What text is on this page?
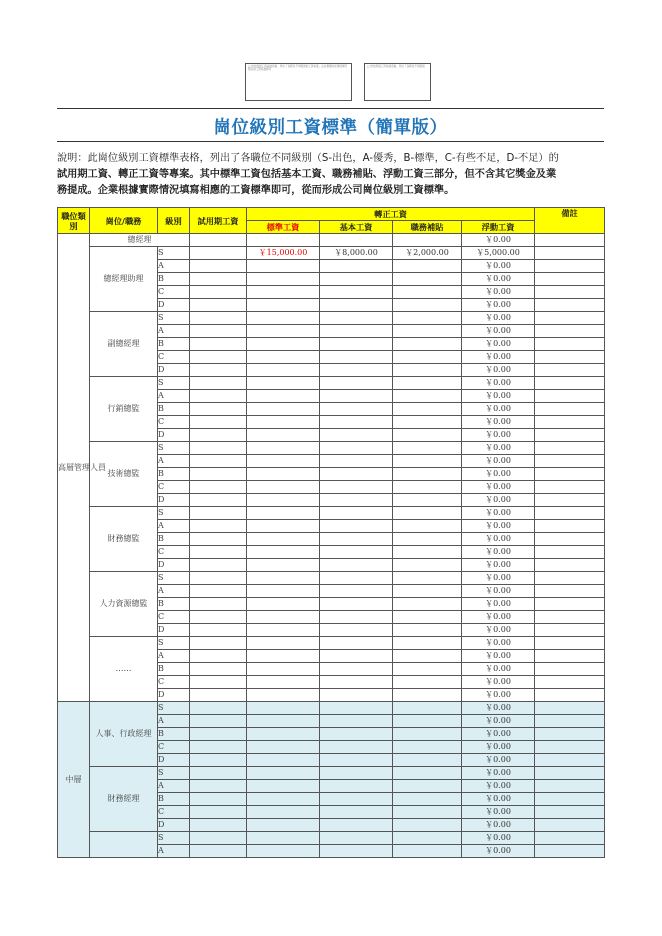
□ 岗位级别工资标准表格，列出了各职位不同级别的工资标准，企业根据实际情况填写相应的工资标准即可
□ 岗位级别工资标准表格，列出了各职位不同级别
崗位級別工資標準（簡單版）
說明：此崗位級別工資標準表格，列出了各職位不同級別（S-出色，A-優秀，B-標準，C-有些不足，D-不足）的
試用期工資、轉正工資等專案。其中標準工資包括基本工資、職務補貼、浮動工資三部分，但不含其它獎金及業
務提成。企業根據實際情況填寫相應的工資標準即可，從而形成公司崗位級別工資標準。
職位類別	崗位/職務	級別	試用期工資	轉正工資				備註
				標準工資	基本工資	職務補貼	浮動工資	
高層管理人員	總經理						￥0.00	
	總經理助理	S		￥15,000.00	￥8,000.00	￥2,000.00	￥5,000.00	
		A					￥0.00	
		B					￥0.00	
		C					￥0.00	
		D					￥0.00	
	副總經理	S					￥0.00	
		A					￥0.00	
		B					￥0.00	
		C					￥0.00	
		D					￥0.00	
	行銷總監	S					￥0.00	
		A					￥0.00	
		B					￥0.00	
		C					￥0.00	
		D					￥0.00	
	技術總監	S					￥0.00	
		A					￥0.00	
		B					￥0.00	
		C					￥0.00	
		D					￥0.00	
	財務總監	S					￥0.00	
		A					￥0.00	
		B					￥0.00	
		C					￥0.00	
		D					￥0.00	
	人力資源總監	S					￥0.00	
		A					￥0.00	
		B					￥0.00	
		C					￥0.00	
		D					￥0.00	
	……	S					￥0.00	
		A					￥0.00	
		B					￥0.00	
		C					￥0.00	
		D					￥0.00	
中層	人事、行政經理	S					￥0.00	
		A					￥0.00	
		B					￥0.00	
		C					￥0.00	
		D					￥0.00	
	財務經理	S					￥0.00	
		A					￥0.00	
		B					￥0.00	
		C					￥0.00	
		D					￥0.00	
		S					￥0.00	
		A					￥0.00	
